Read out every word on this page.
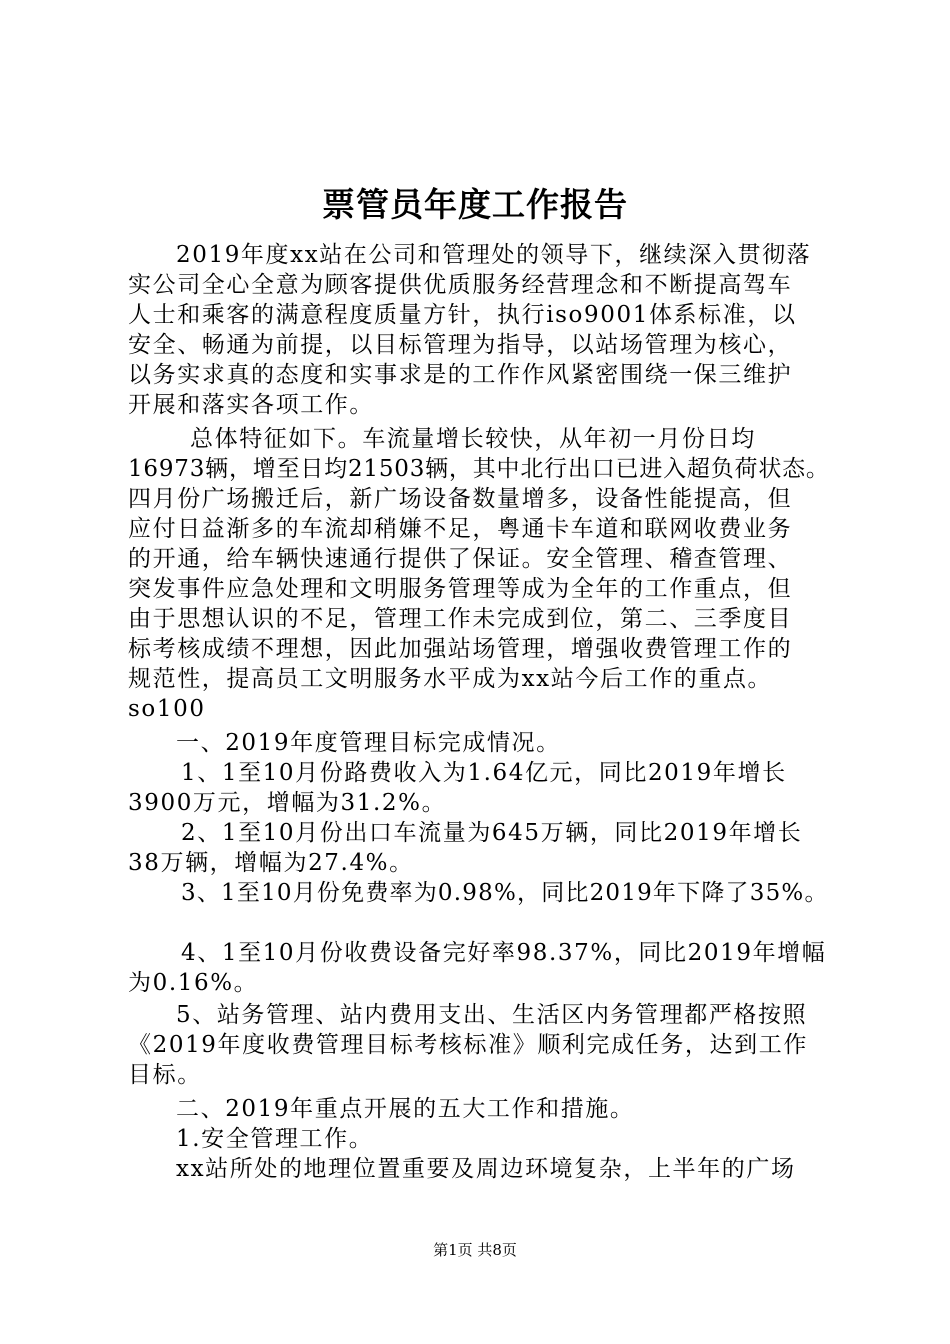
票管员年度工作报告
2019年度xx站在公司和管理处的领导下，继续深入贯彻落
实公司全心全意为顾客提供优质服务经营理念和不断提高驾车
人士和乘客的满意程度质量方针，执行iso9001体系标准，以
安全、畅通为前提，以目标管理为指导，以站场管理为核心，
以务实求真的态度和实事求是的工作作风紧密围绕一保三维护
开展和落实各项工作。
总体特征如下。车流量增长较快，从年初一月份日均
16973辆，增至日均21503辆，其中北行出口已进入超负荷状态。
四月份广场搬迁后，新广场设备数量增多，设备性能提高，但
应付日益渐多的车流却稍嫌不足，粤通卡车道和联网收费业务
的开通，给车辆快速通行提供了保证。安全管理、稽查管理、
突发事件应急处理和文明服务管理等成为全年的工作重点，但
由于思想认识的不足，管理工作未完成到位，第二、三季度目
标考核成绩不理想，因此加强站场管理，增强收费管理工作的
规范性，提高员工文明服务水平成为xx站今后工作的重点。
so100
一、2019年度管理目标完成情况。
1、1至10月份路费收入为1.64亿元，同比2019年增长
3900万元，增幅为31.2%。
2、1至10月份出口车流量为645万辆，同比2019年增长
38万辆，增幅为27.4%。
3、1至10月份免费率为0.98%，同比2019年下降了35%。
4、1至10月份收费设备完好率98.37%，同比2019年增幅
为0.16%。
5、站务管理、站内费用支出、生活区内务管理都严格按照
《2019年度收费管理目标考核标准》顺利完成任务，达到工作
目标。
二、2019年重点开展的五大工作和措施。
1.安全管理工作。
xx站所处的地理位置重要及周边环境复杂，上半年的广场
第1页 共8页
